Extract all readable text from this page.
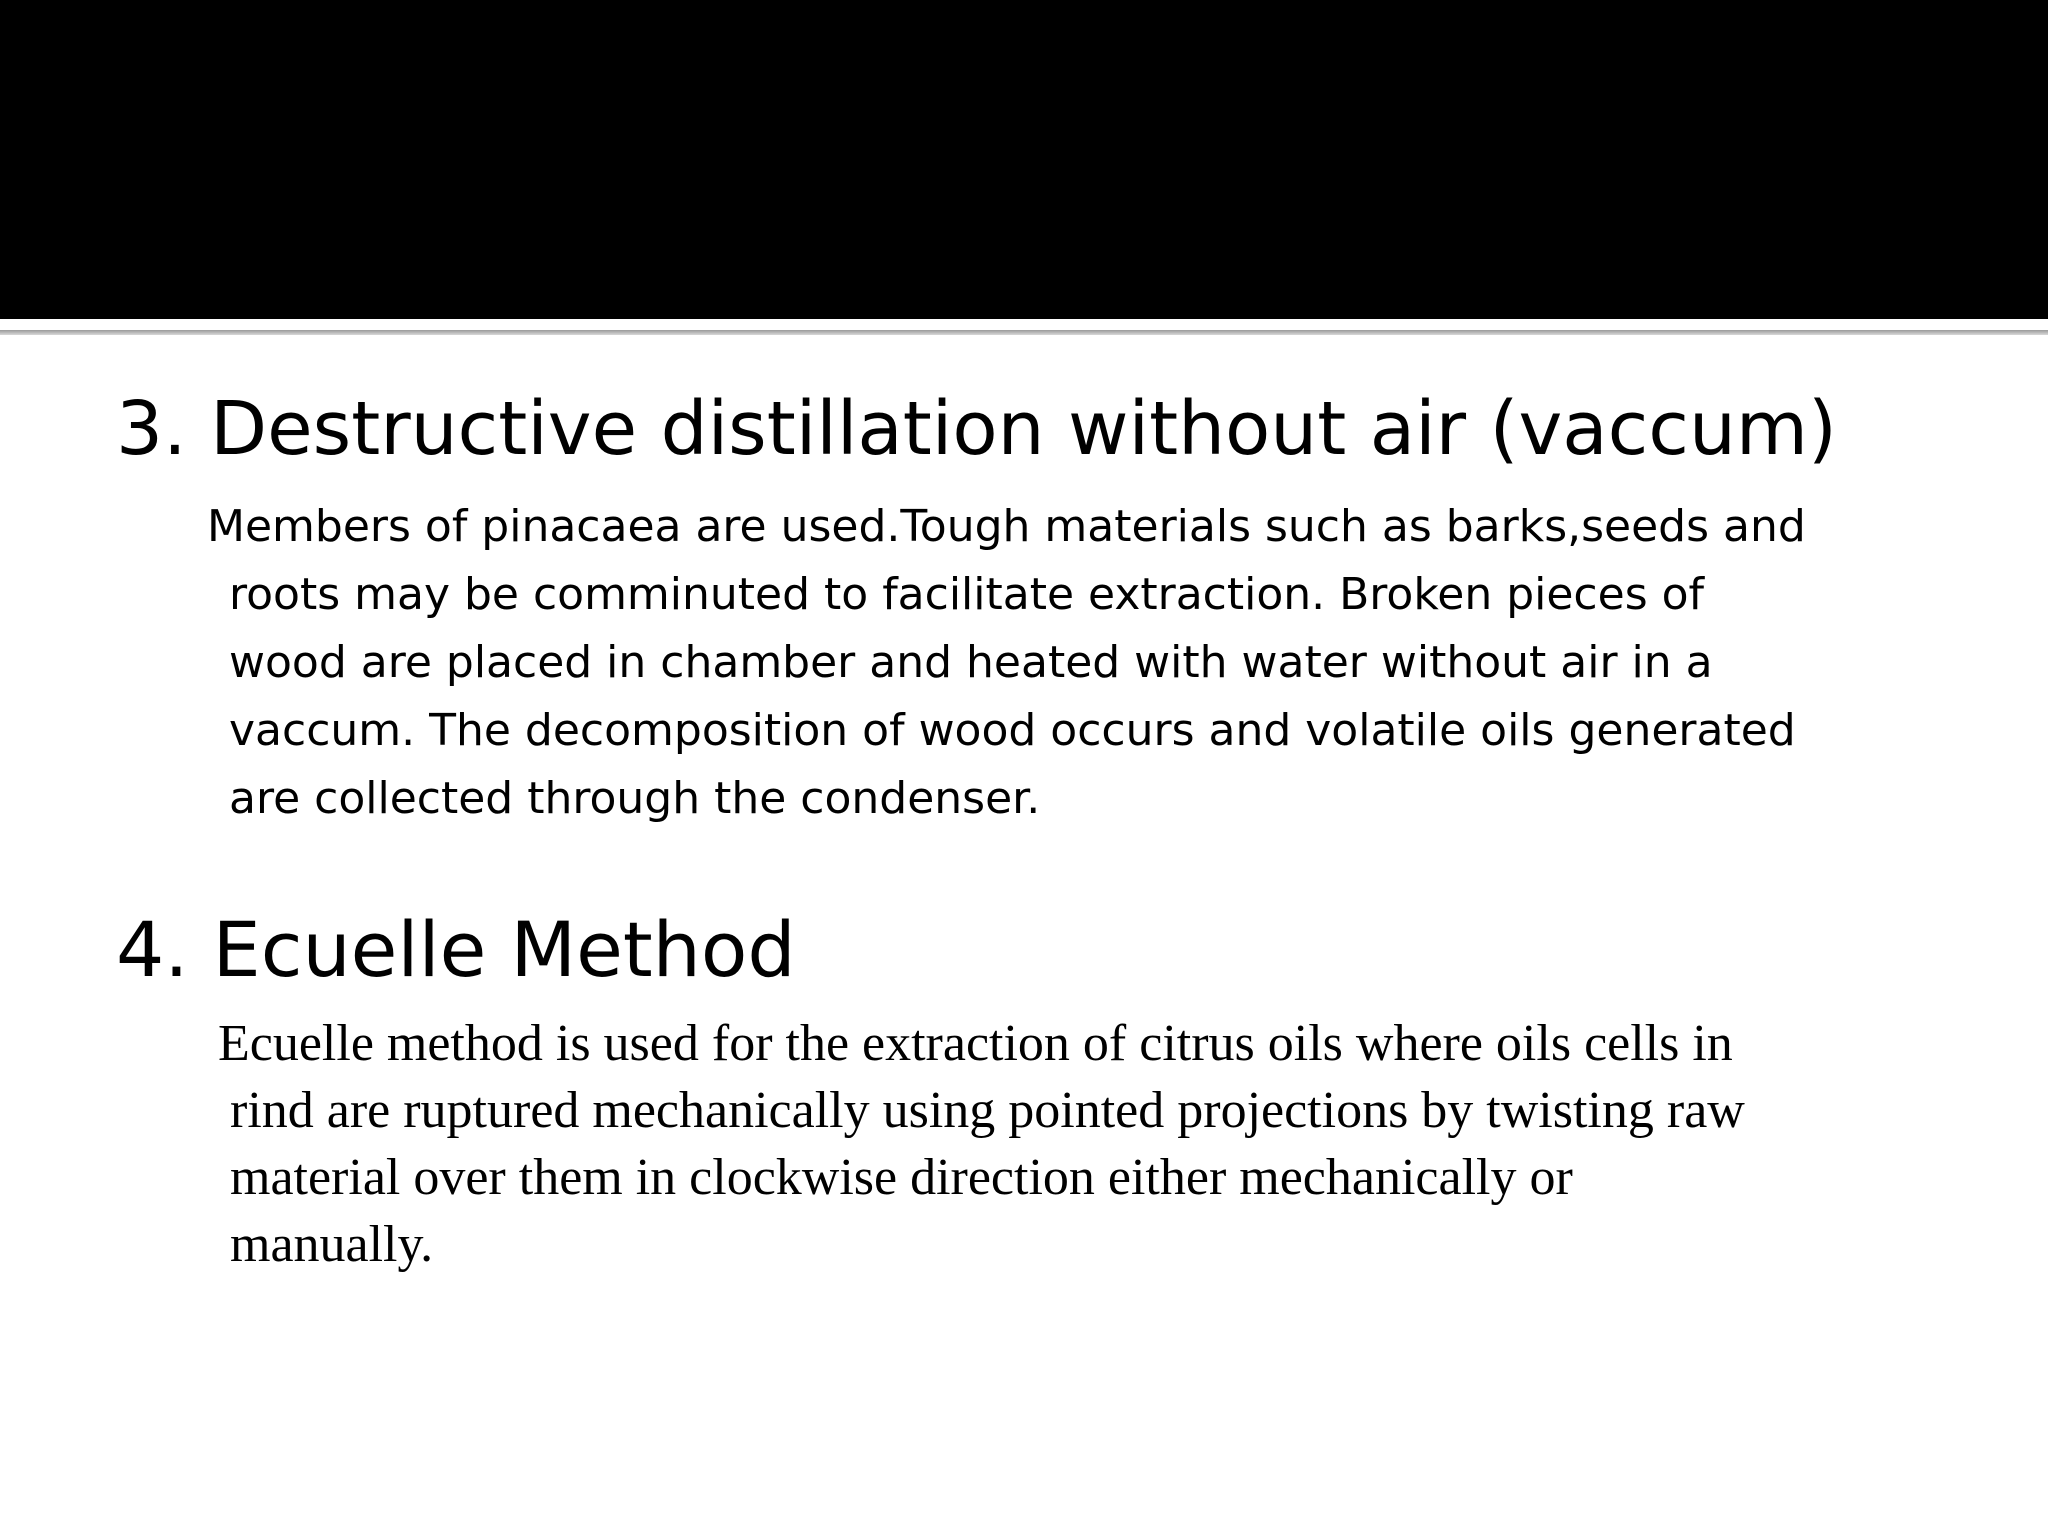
3. Destructive distillation without air (vaccum)
Members of pinacaea are used.Tough materials such as barks,seeds and
roots may be comminuted to facilitate extraction. Broken pieces of
wood are placed in chamber and heated with water without air in a
vaccum. The decomposition of wood occurs and volatile oils generated
are collected through the condenser.
4. Ecuelle Method
Ecuelle method is used for the extraction of citrus oils where oils cells in
rind are ruptured mechanically using pointed projections by twisting raw
material over them in clockwise direction either mechanically or
manually.
